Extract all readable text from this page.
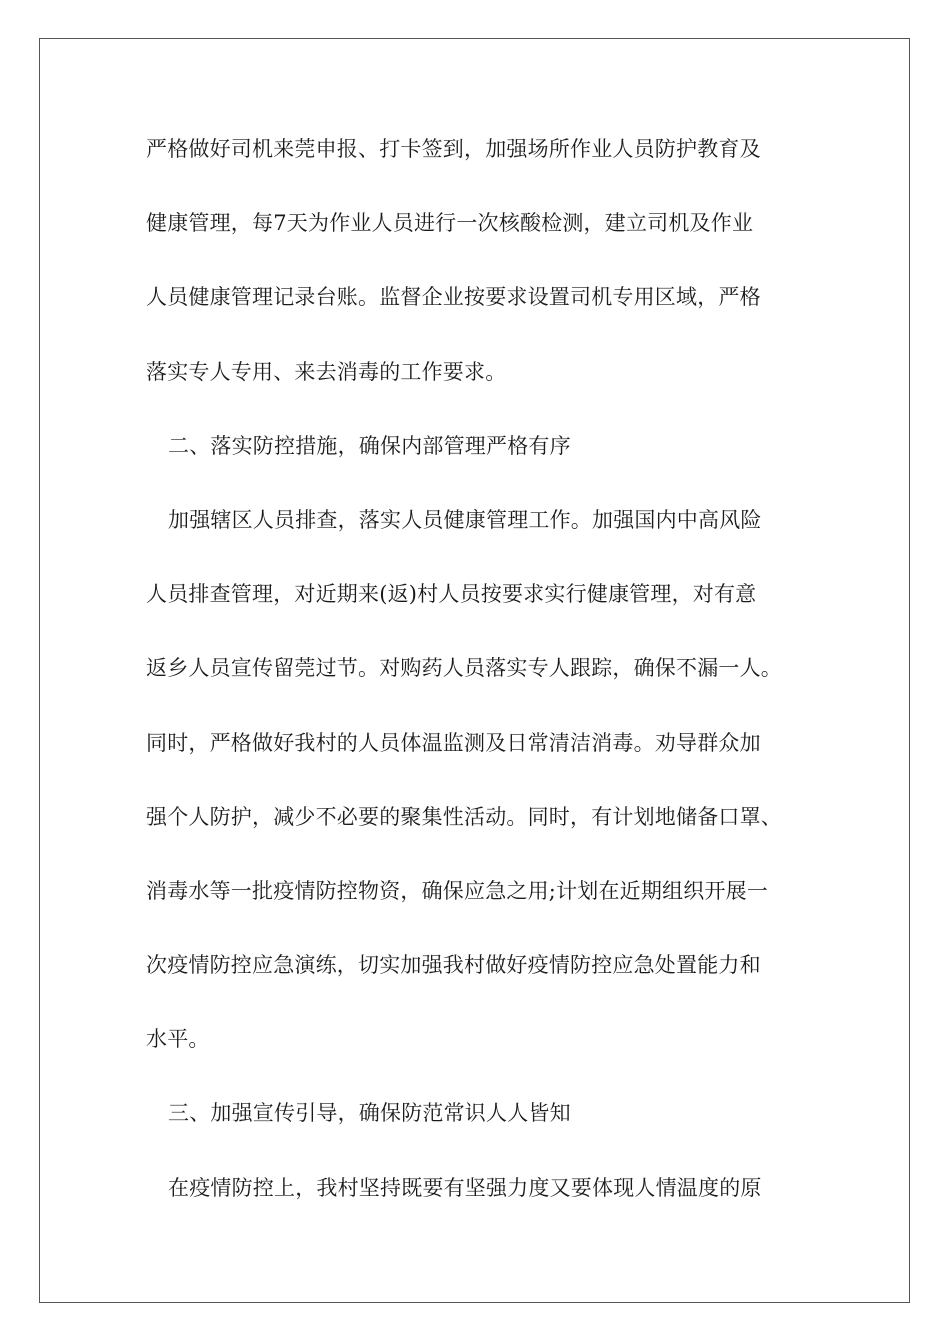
严格做好司机来莞申报、打卡签到，加强场所作业人员防护教育及
健康管理，每7天为作业人员进行一次核酸检测，建立司机及作业
人员健康管理记录台账。监督企业按要求设置司机专用区域，严格
落实专人专用、来去消毒的工作要求。
二、落实防控措施，确保内部管理严格有序
加强辖区人员排查，落实人员健康管理工作。加强国内中高风险
人员排查管理，对近期来(返)村人员按要求实行健康管理，对有意
返乡人员宣传留莞过节。对购药人员落实专人跟踪，确保不漏一人。
同时，严格做好我村的人员体温监测及日常清洁消毒。劝导群众加
强个人防护，减少不必要的聚集性活动。同时，有计划地储备口罩、
消毒水等一批疫情防控物资，确保应急之用;计划在近期组织开展一
次疫情防控应急演练，切实加强我村做好疫情防控应急处置能力和
水平。
三、加强宣传引导，确保防范常识人人皆知
在疫情防控上，我村坚持既要有坚强力度又要体现人情温度的原
